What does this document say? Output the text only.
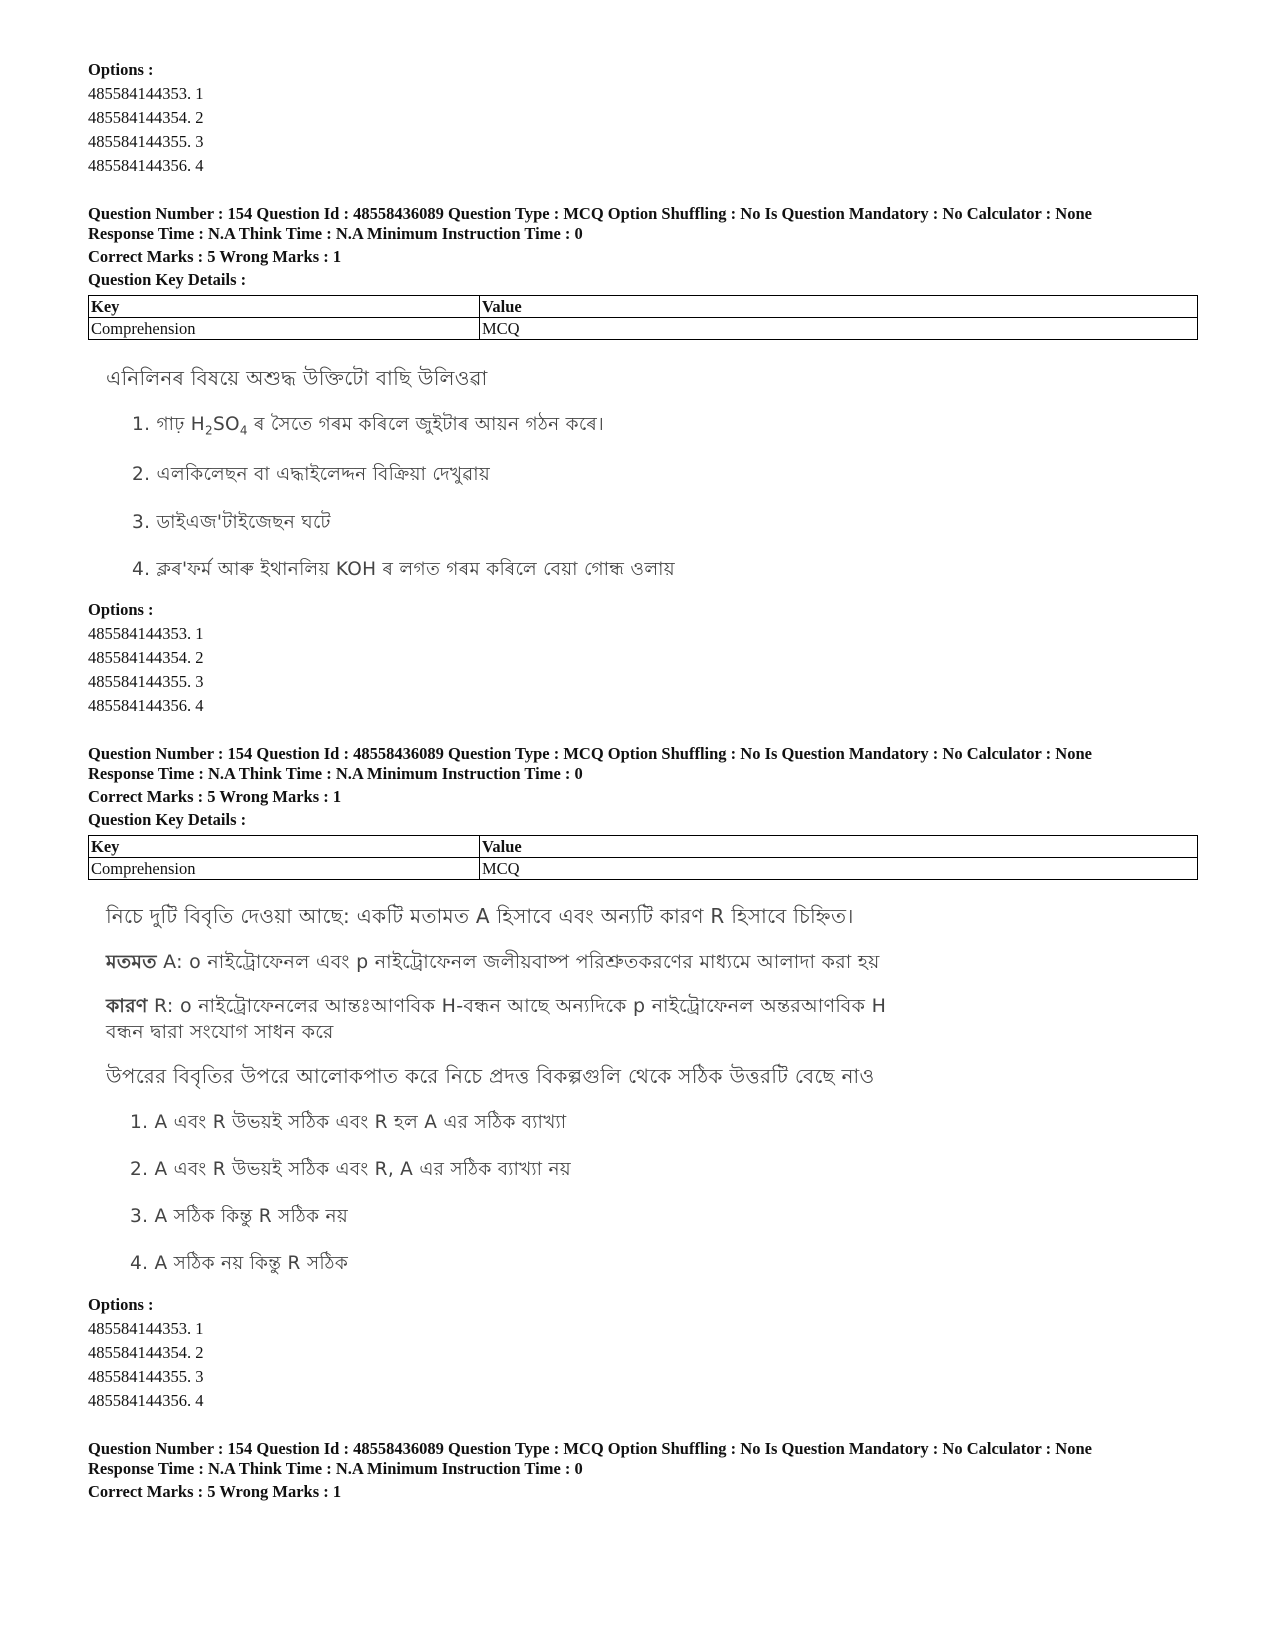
Options :
485584144353. 1
485584144354. 2
485584144355. 3
485584144356. 4
Question Number : 154 Question Id : 48558436089 Question Type : MCQ Option Shuffling : No Is Question Mandatory : No Calculator : None
Response Time : N.A Think Time : N.A Minimum Instruction Time : 0
Correct Marks : 5 Wrong Marks : 1
Question Key Details :
Key	Value
Comprehension	MCQ
এনিলিনৰ বিষয়ে অশুদ্ধ উক্তিটো বাছি উলিওৱা
1. গাঢ় $H_2SO_4$ ৰ সৈতে গৰম কৰিলে জুইটাৰ আয়ন গঠন কৰে।
2. এলকিলেছন বা এদ্ধাইলেদ্দন বিক্রিয়া দেখুৱায়
3. ডাইএজ'টাইজেছন ঘটে
4. ক্লৰ'ফৰ্ম আৰু ইথানলিয় KOH ৰ লগত গৰম কৰিলে বেয়া গোন্ধ ওলায়
Options :
485584144353. 1
485584144354. 2
485584144355. 3
485584144356. 4
Question Number : 154 Question Id : 48558436089 Question Type : MCQ Option Shuffling : No Is Question Mandatory : No Calculator : None
Response Time : N.A Think Time : N.A Minimum Instruction Time : 0
Correct Marks : 5 Wrong Marks : 1
Question Key Details :
Key	Value
Comprehension	MCQ
নিচে দুটি বিবৃতি দেওয়া আছে: একটি মতামত A হিসাবে এবং অন্যটি কারণ R হিসাবে চিহ্নিত।
মতমত A: o নাইট্রোফেনল এবং p নাইট্রোফেনল জলীয়বাষ্প পরিশ্রুতকরণের মাধ্যমে আলাদা করা হয়
কারণ R: o নাইট্রোফেনলের আন্তঃআণবিক H-বন্ধন আছে অন্যদিকে p নাইট্রোফেনল অন্তরআণবিক H
বন্ধন দ্বারা সংযোগ সাধন করে
উপরের বিবৃতির উপরে আলোকপাত করে নিচে প্রদত্ত বিকল্পগুলি থেকে সঠিক উত্তরটি বেছে নাও
1. A এবং R উভয়ই সঠিক এবং R হল A এর সঠিক ব্যাখ্যা
2. A এবং R উভয়ই সঠিক এবং R, A এর সঠিক ব্যাখ্যা নয়
3. A সঠিক কিন্তু R সঠিক নয়
4. A সঠিক নয় কিন্তু R সঠিক
Options :
485584144353. 1
485584144354. 2
485584144355. 3
485584144356. 4
Question Number : 154 Question Id : 48558436089 Question Type : MCQ Option Shuffling : No Is Question Mandatory : No Calculator : None
Response Time : N.A Think Time : N.A Minimum Instruction Time : 0
Correct Marks : 5 Wrong Marks : 1
